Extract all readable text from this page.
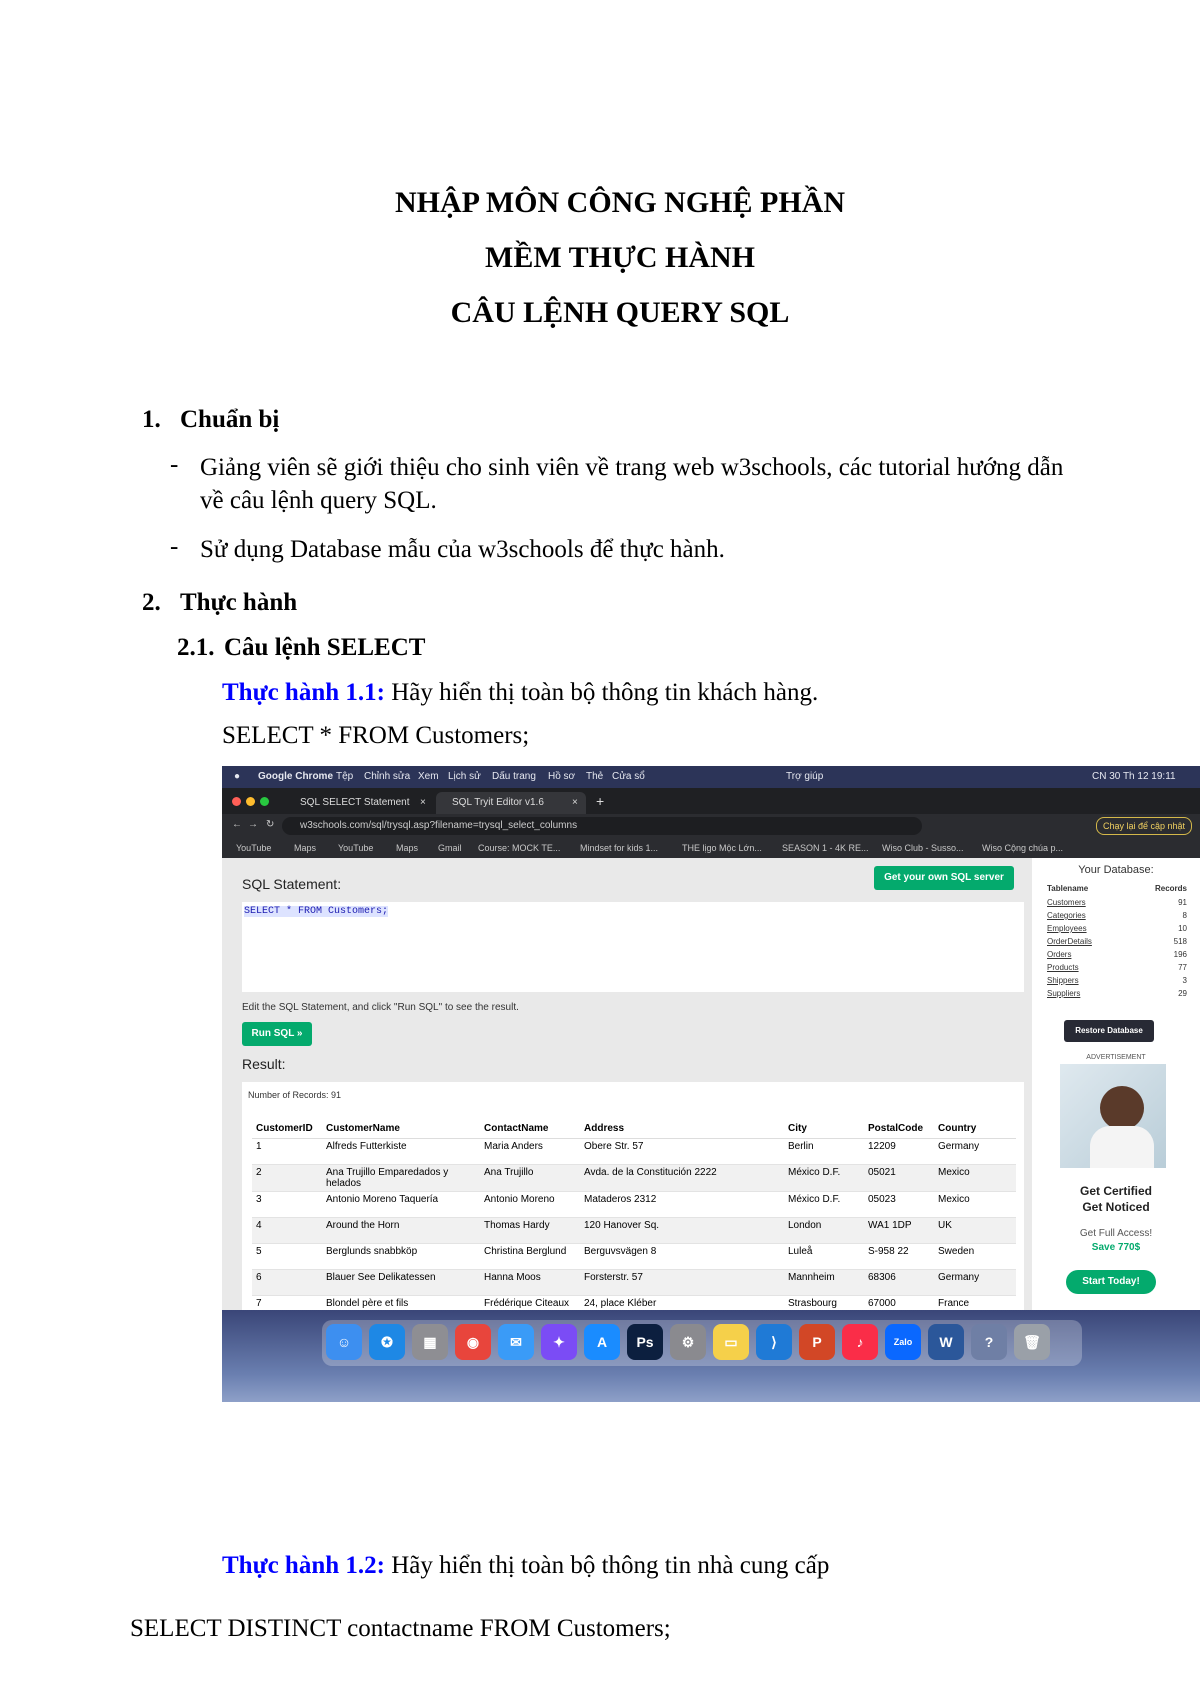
NHẬP MÔN CÔNG NGHỆ PHẦN
MỀM THỰC HÀNH
CÂU LỆNH QUERY SQL
1. Chuẩn bị
- Giảng viên sẽ giới thiệu cho sinh viên về trang web w3schools, các tutorial hướng dẫn về câu lệnh query SQL.
- Sử dụng Database mẫu của w3schools để thực hành.
2. Thực hành
2.1. Câu lệnh SELECT
Thực hành 1.1: Hãy hiển thị toàn bộ thông tin khách hàng.
SELECT * FROM Customers;
● Google Chrome Tệp Chỉnh sửa Xem Lịch sử Dấu trang Hồ sơ Thẻ Cửa sổ	Trợ giúp	CN 30 Th 12 19:11
SQL SELECT Statement ×	SQL Tryit Editor v1.6	× +
← → ↻	w3schools.com/sql/trysql.asp?filename=trysql_select_columns	Chạy lại để cập nhật
YouTube	Maps YouTube	Maps Gmail Course: MOCK TE... Mindset for kids 1...	THE lịgo Mộc Lớn... SEASON 1 - 4K RE... Wiso Club - Susso... Wiso Cộng chúa p...
SQL Statement:	Get your own SQL server
SELECT * FROM Customers;
Edit the SQL Statement, and click "Run SQL" to see the result.
Run SQL »
Result:
Number of Records: 91
CustomerID	CustomerName	ContactName	Address	City	PostalCode	Country
1	Alfreds Futterkiste	Maria Anders	Obere Str. 57	Berlin	12209	Germany
2	Ana Trujillo Emparedados y helados	Ana Trujillo	Avda. de la Constitución 2222	México D.F.	05021	Mexico
3	Antonio Moreno Taquería	Antonio Moreno	Mataderos 2312	México D.F.	05023	Mexico
4	Around the Horn	Thomas Hardy	120 Hanover Sq.	London	WA1 1DP	UK
5	Berglunds snabbköp	Christina Berglund	Berguvsvägen 8	Luleå	S-958 22	Sweden
6	Blauer See Delikatessen	Hanna Moos	Forsterstr. 57	Mannheim	68306	Germany
7	Blondel père et fils	Frédérique Citeaux	24, place Kléber	Strasbourg	67000	France
Your Database:
Tablename	Records
Customers	91
Categories	8
Employees	10
OrderDetails	518
Orders	196
Products	77
Shippers	3
Suppliers	29
Restore Database
ADVERTISEMENT
Get Certified
Get Noticed
Get Full Access!
Save 770$
Start Today!
☺	✪	▦	◉	✉	✦	A	Ps	⚙	▭	⟩	P	♪	Zalo	W	?	🗑
Thực hành 1.2: Hãy hiển thị toàn bộ thông tin nhà cung cấp
SELECT DISTINCT contactname FROM Customers;
